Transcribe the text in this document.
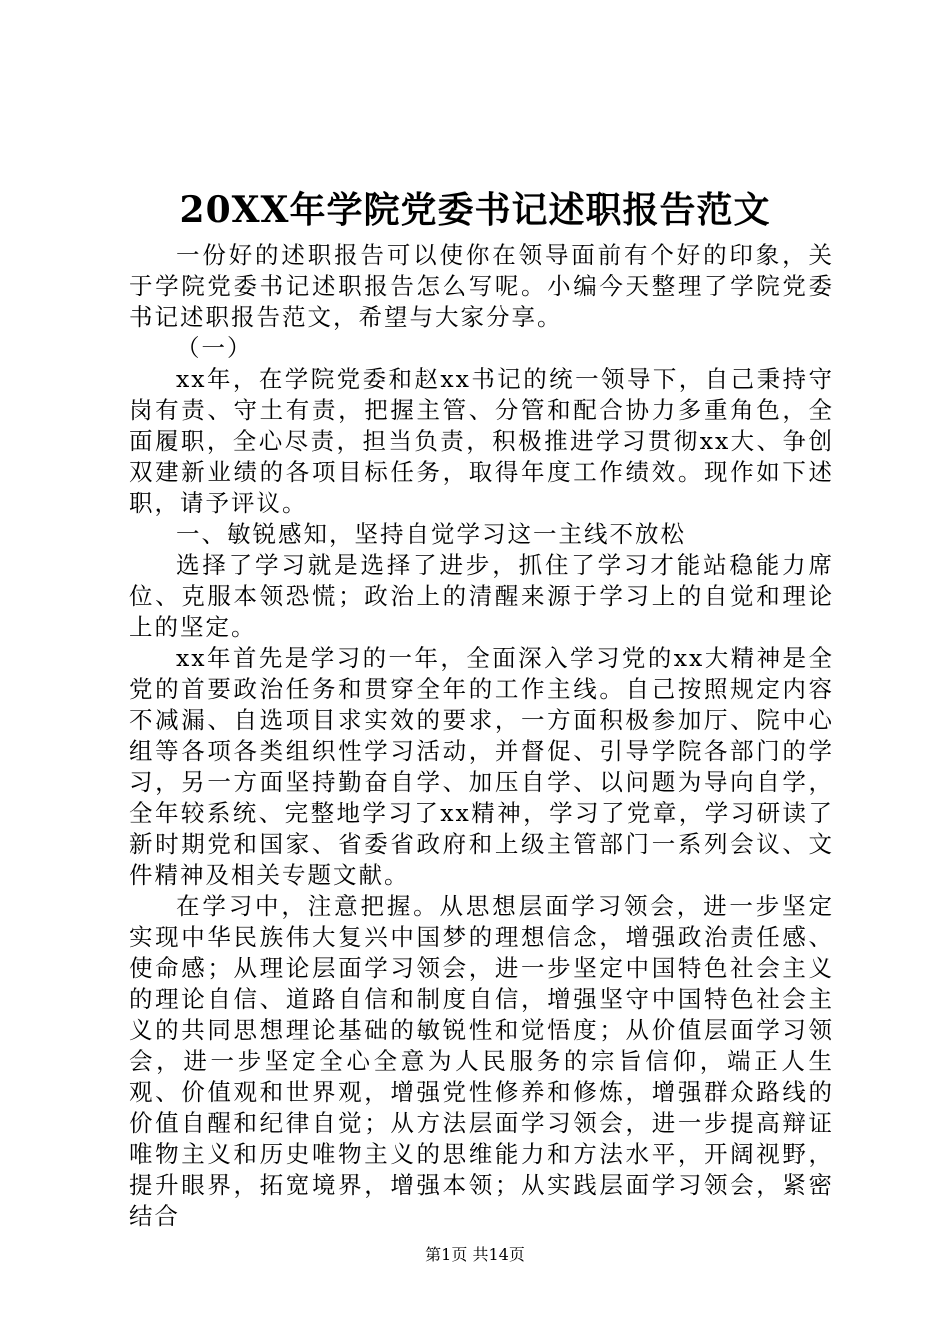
20XX年学院党委书记述职报告范文

一份好的述职报告可以使你在领导面前有个好的印象，关于学院党委书记述职报告怎么写呢。小编今天整理了学院党委书记述职报告范文，希望与大家分享。

（一）

xx年，在学院党委和赵xx书记的统一领导下，自己秉持守岗有责、守土有责，把握主管、分管和配合协力多重角色，全面履职，全心尽责，担当负责，积极推进学习贯彻xx大、争创双建新业绩的各项目标任务，取得年度工作绩效。现作如下述职，请予评议。

一、敏锐感知，坚持自觉学习这一主线不放松

选择了学习就是选择了进步，抓住了学习才能站稳能力席位、克服本领恐慌；政治上的清醒来源于学习上的自觉和理论上的坚定。

xx年首先是学习的一年，全面深入学习党的xx大精神是全党的首要政治任务和贯穿全年的工作主线。自己按照规定内容不减漏、自选项目求实效的要求，一方面积极参加厅、院中心组等各项各类组织性学习活动，并督促、引导学院各部门的学习，另一方面坚持勤奋自学、加压自学、以问题为导向自学，全年较系统、完整地学习了xx精神，学习了党章，学习研读了新时期党和国家、省委省政府和上级主管部门一系列会议、文件精神及相关专题文献。

在学习中，注意把握。从思想层面学习领会，进一步坚定实现中华民族伟大复兴中国梦的理想信念，增强政治责任感、使命感；从理论层面学习领会，进一步坚定中国特色社会主义的理论自信、道路自信和制度自信，增强坚守中国特色社会主义的共同思想理论基础的敏锐性和觉悟度；从价值层面学习领会，进一步坚定全心全意为人民服务的宗旨信仰，端正人生观、价值观和世界观，增强党性修养和修炼，增强群众路线的价值自醒和纪律自觉；从方法层面学习领会，进一步提高辩证唯物主义和历史唯物主义的思维能力和方法水平，开阔视野，提升眼界，拓宽境界，增强本领；从实践层面学习领会，紧密结合

第1页 共14页
